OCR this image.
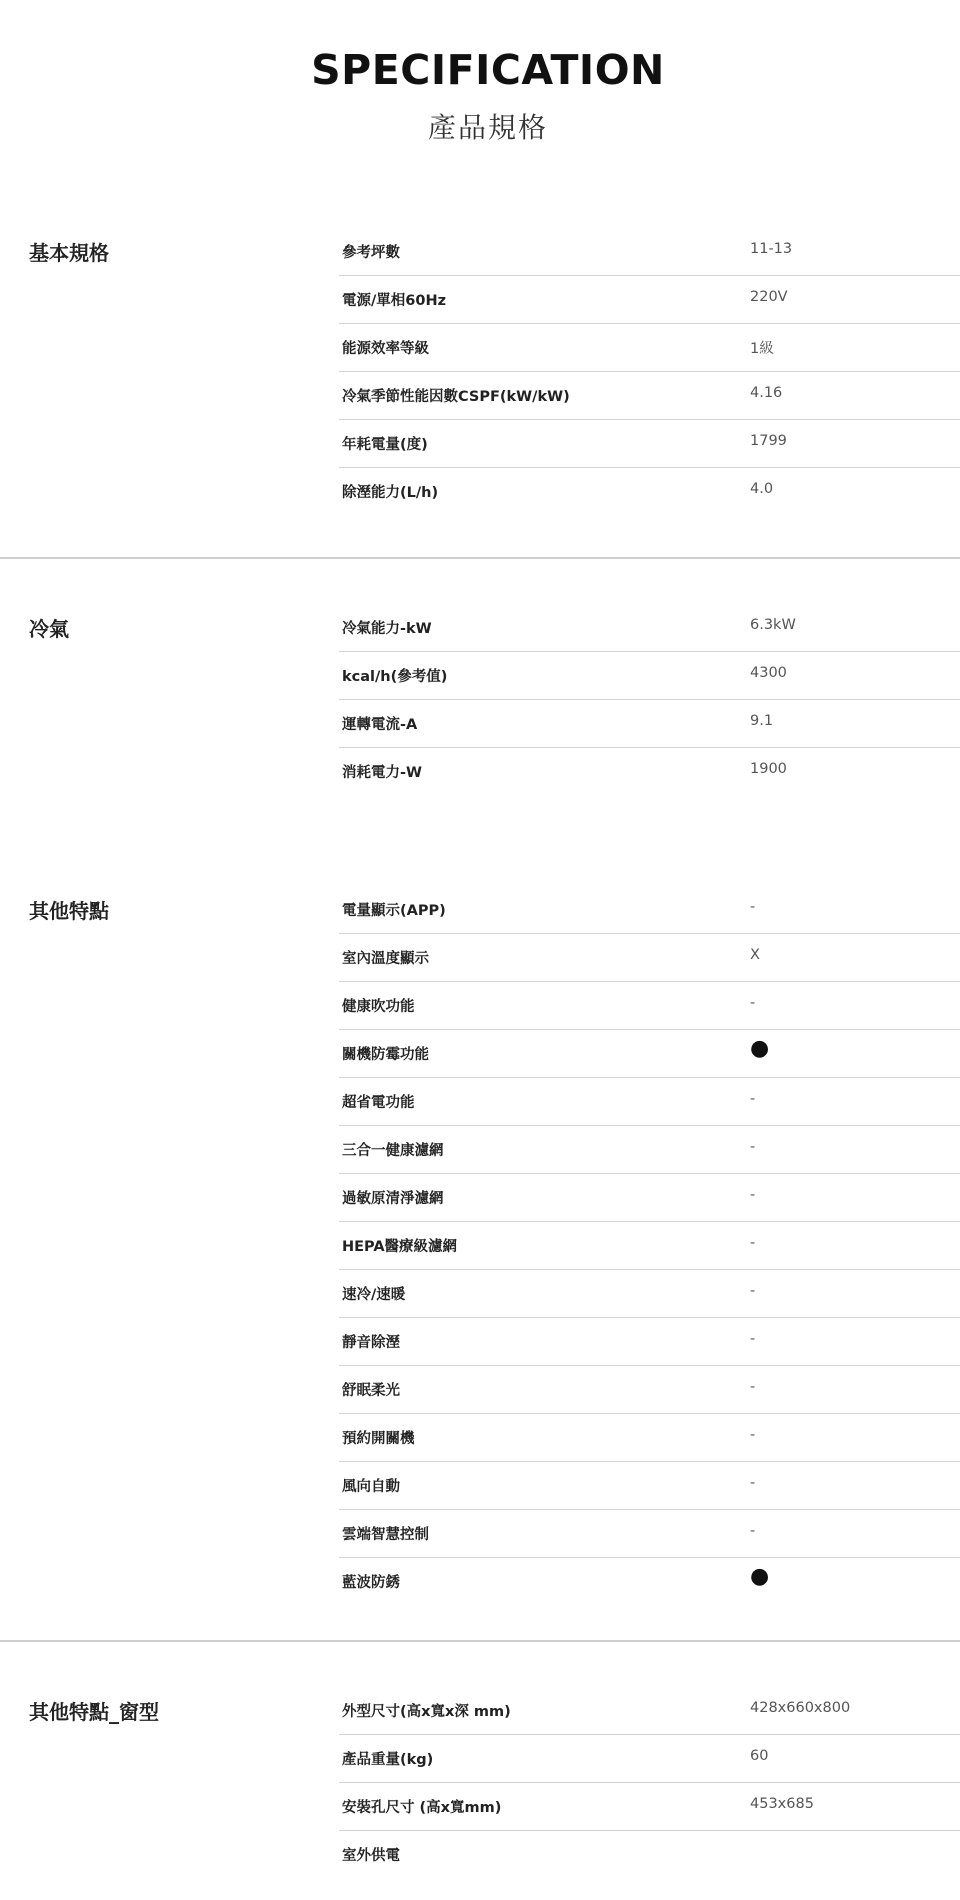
SPECIFICATION
產品規格
基本規格	參考坪數	11-13
電源/單相60Hz	220V
能源效率等級	1級
冷氣季節性能因數CSPF(kW/kW)	4.16
年耗電量(度)	1799
除溼能力(L/h)	4.0
冷氣	冷氣能力-kW	6.3kW
kcal/h(參考值)	4300
運轉電流-A	9.1
消耗電力-W	1900
其他特點	電量顯示(APP)	-
室內溫度顯示	X
健康吹功能	-
關機防霉功能	●
超省電功能	-
三合一健康濾網	-
過敏原清淨濾網	-
HEPA醫療級濾網	-
速冷/速暖	-
靜音除溼	-
舒眠柔光	-
預約開關機	-
風向自動	-
雲端智慧控制	-
藍波防銹	●
其他特點_窗型	外型尺寸(高x寬x深 mm)	428x660x800
產品重量(kg)	60
安裝孔尺寸 (高x寬mm)	453x685
室外供電
